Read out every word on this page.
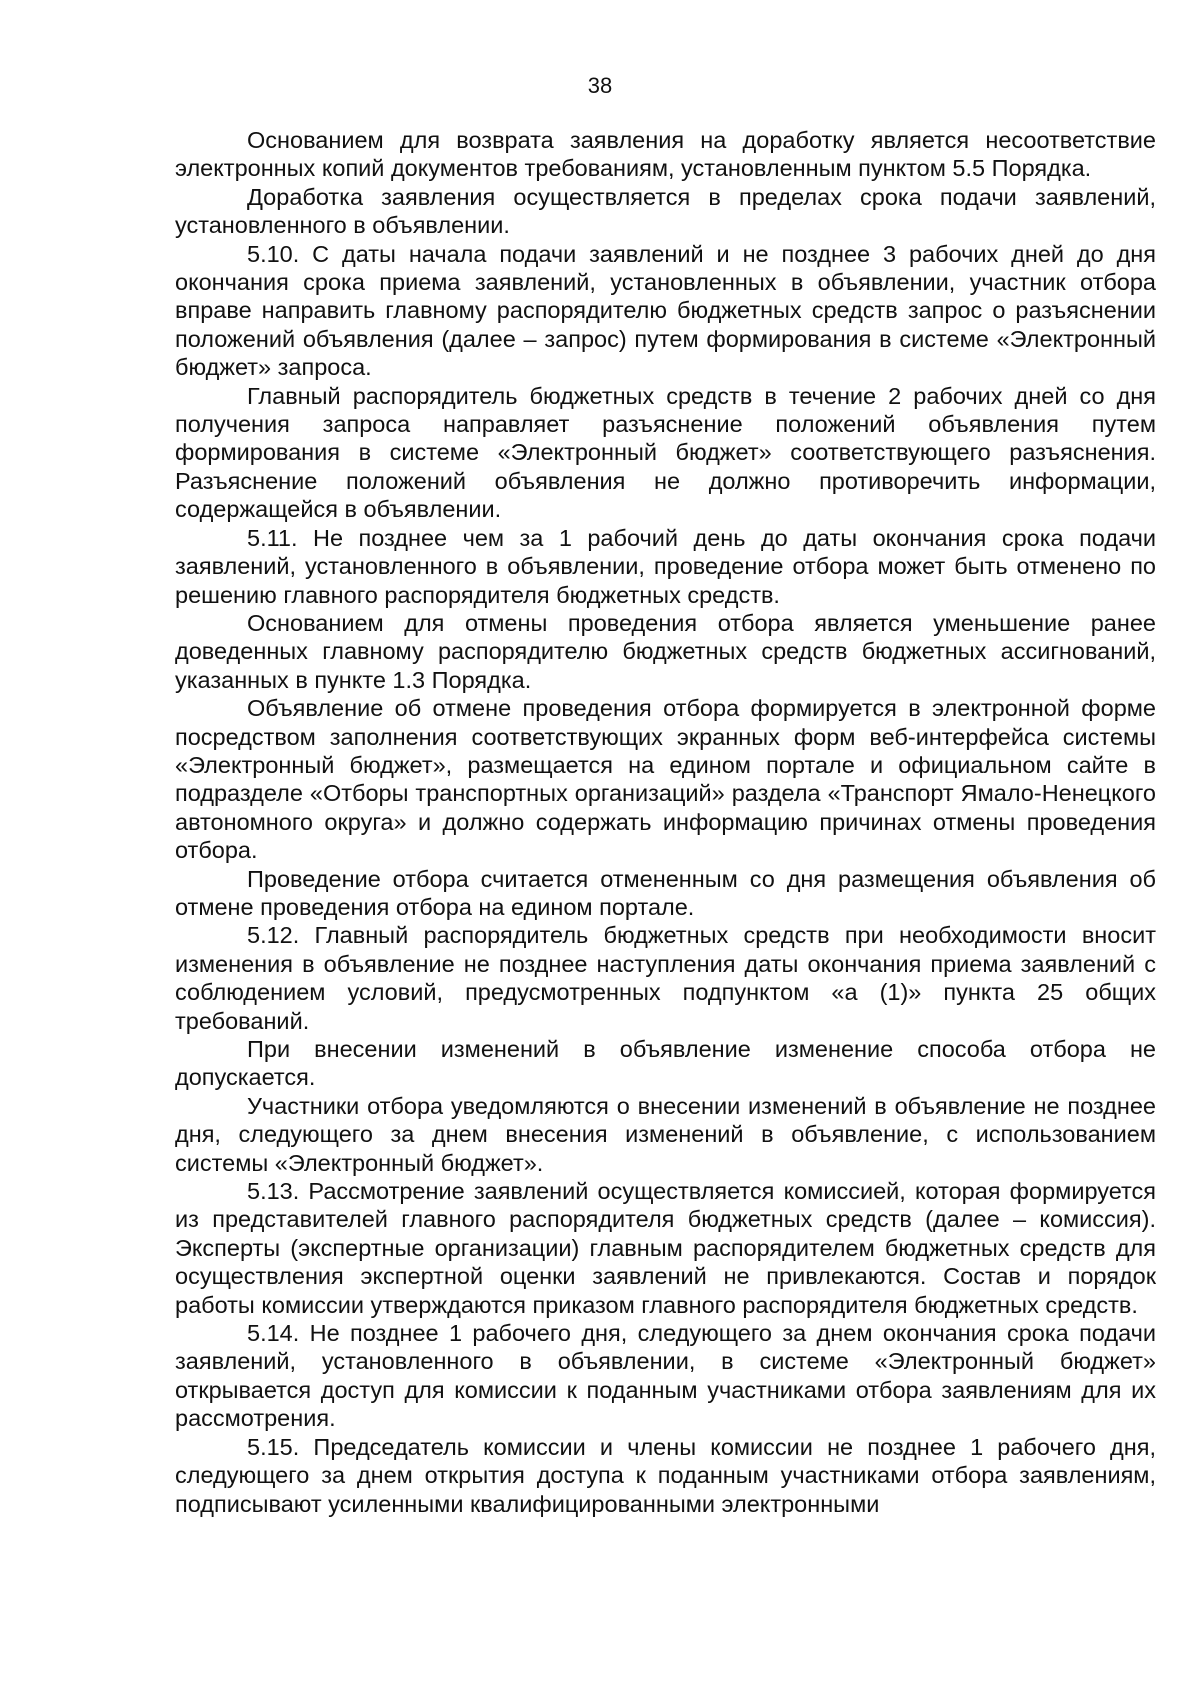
38

Основанием для возврата заявления на доработку является несоответствие электронных копий документов требованиям, установленным пунктом 5.5 Порядка.

Доработка заявления осуществляется в пределах срока подачи заявлений, установленного в объявлении.

5.10. С даты начала подачи заявлений и не позднее 3 рабочих дней до дня окончания срока приема заявлений, установленных в объявлении, участник отбора вправе направить главному распорядителю бюджетных средств запрос о разъяснении положений объявления (далее – запрос) путем формирования в системе «Электронный бюджет» запроса.

Главный распорядитель бюджетных средств в течение 2 рабочих дней со дня получения запроса направляет разъяснение положений объявления путем формирования в системе «Электронный бюджет» соответствующего разъяснения. Разъяснение положений объявления не должно противоречить информации, содержащейся в объявлении.

5.11. Не позднее чем за 1 рабочий день до даты окончания срока подачи заявлений, установленного в объявлении, проведение отбора может быть отменено по решению главного распорядителя бюджетных средств.

Основанием для отмены проведения отбора является уменьшение ранее доведенных главному распорядителю бюджетных средств бюджетных ассигнований, указанных в пункте 1.3 Порядка.

Объявление об отмене проведения отбора формируется в электронной форме посредством заполнения соответствующих экранных форм веб-интерфейса системы «Электронный бюджет», размещается на едином портале и официальном сайте в подразделе «Отборы транспортных организаций» раздела «Транспорт Ямало-Ненецкого автономного округа» и должно содержать информацию причинах отмены проведения отбора.

Проведение отбора считается отмененным со дня размещения объявления об отмене проведения отбора на едином портале.

5.12. Главный распорядитель бюджетных средств при необходимости вносит изменения в объявление не позднее наступления даты окончания приема заявлений с соблюдением условий, предусмотренных подпунктом «а (1)» пункта 25 общих требований.

При внесении изменений в объявление изменение способа отбора не допускается.

Участники отбора уведомляются о внесении изменений в объявление не позднее дня, следующего за днем внесения изменений в объявление, с использованием системы «Электронный бюджет».

5.13. Рассмотрение заявлений осуществляется комиссией, которая формируется из представителей главного распорядителя бюджетных средств (далее – комиссия). Эксперты (экспертные организации) главным распорядителем бюджетных средств для осуществления экспертной оценки заявлений не привлекаются. Состав и порядок работы комиссии утверждаются приказом главного распорядителя бюджетных средств.

5.14. Не позднее 1 рабочего дня, следующего за днем окончания срока подачи заявлений, установленного в объявлении, в системе «Электронный бюджет» открывается доступ для комиссии к поданным участниками отбора заявлениям для их рассмотрения.

5.15. Председатель комиссии и члены комиссии не позднее 1 рабочего дня, следующего за днем открытия доступа к поданным участниками отбора заявлениям, подписывают усиленными квалифицированными электронными
